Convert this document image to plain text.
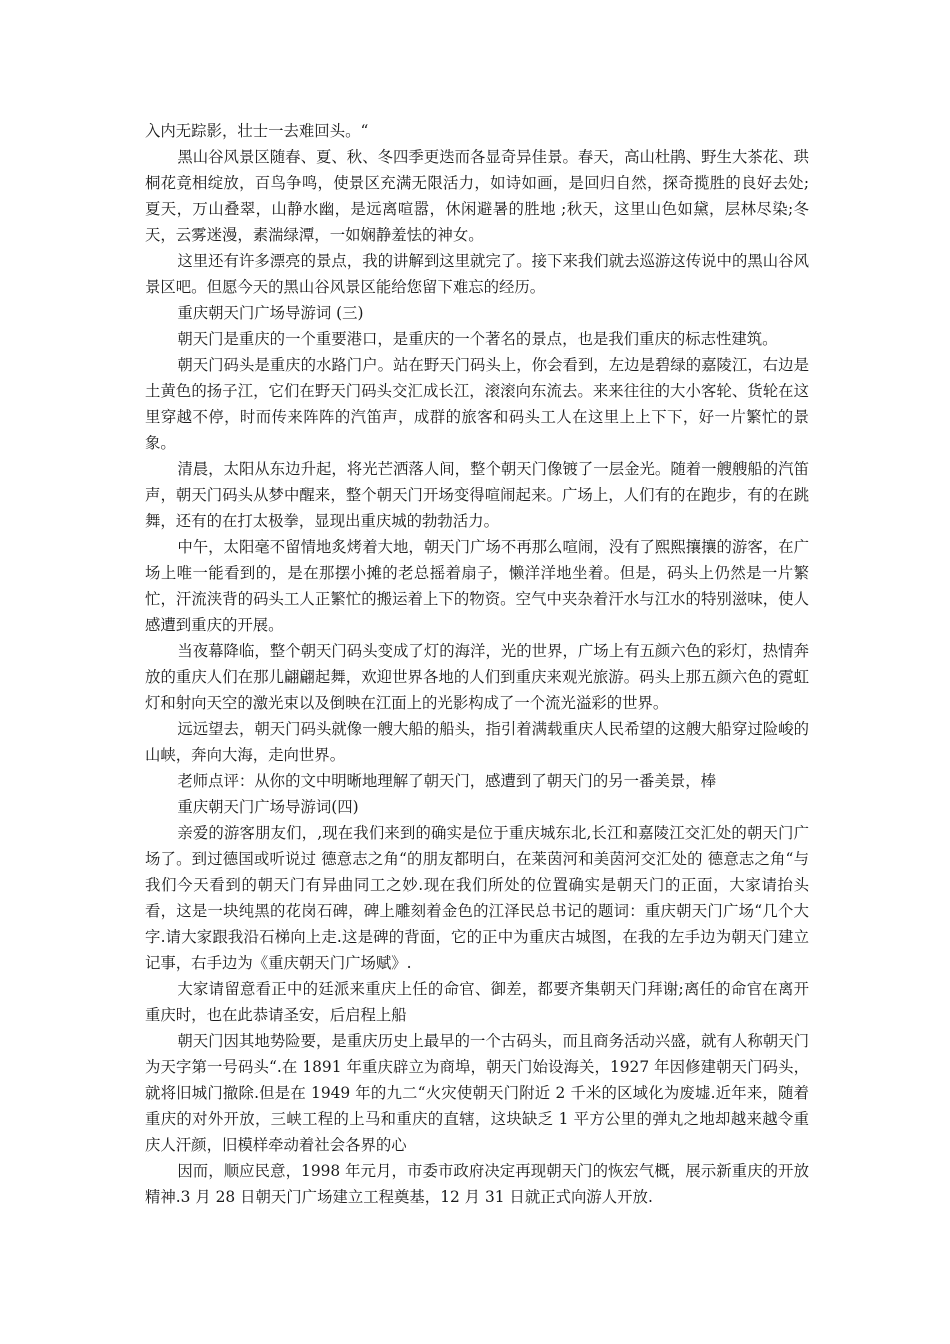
入内无踪影，壮士一去难回头。“

黑山谷风景区随春、夏、秋、冬四季更迭而各显奇异佳景。春天，高山杜鹃、野生大茶花、珙桐花竟相绽放，百鸟争鸣，使景区充满无限活力，如诗如画，是回归自然，探奇揽胜的良好去处;夏天，万山叠翠，山静水幽，是远离喧嚣，休闲避暑的胜地 ;秋天，这里山色如黛，层林尽染;冬天，云雾迷漫，素湍绿潭，一如娴静羞怯的神女。

这里还有许多漂亮的景点，我的讲解到这里就完了。接下来我们就去巡游这传说中的黑山谷风景区吧。但愿今天的黑山谷风景区能给您留下难忘的经历。

重庆朝天门广场导游词 (三)

朝天门是重庆的一个重要港口，是重庆的一个著名的景点，也是我们重庆的标志性建筑。

朝天门码头是重庆的水路门户。站在野天门码头上，你会看到，左边是碧绿的嘉陵江，右边是土黄色的扬子江，它们在野天门码头交汇成长江，滚滚向东流去。来来往往的大小客轮、货轮在这里穿越不停，时而传来阵阵的汽笛声，成群的旅客和码头工人在这里上上下下，好一片繁忙的景象。

清晨，太阳从东边升起，将光芒洒落人间，整个朝天门像镀了一层金光。随着一艘艘船的汽笛声，朝天门码头从梦中醒来，整个朝天门开场变得喧闹起来。广场上，人们有的在跑步，有的在跳舞，还有的在打太极拳，显现出重庆城的勃勃活力。

中午，太阳毫不留情地炙烤着大地，朝天门广场不再那么喧闹，没有了熙熙攘攘的游客，在广场上唯一能看到的，是在那摆小摊的老总摇着扇子，懒洋洋地坐着。但是，码头上仍然是一片繁忙，汗流浃背的码头工人正繁忙的搬运着上下的物资。空气中夹杂着汗水与江水的特别滋味，使人感遭到重庆的开展。

当夜幕降临，整个朝天门码头变成了灯的海洋，光的世界，广场上有五颜六色的彩灯，热情奔放的重庆人们在那儿翩翩起舞，欢迎世界各地的人们到重庆来观光旅游。码头上那五颜六色的霓虹灯和射向天空的激光束以及倒映在江面上的光影构成了一个流光溢彩的世界。

远远望去，朝天门码头就像一艘大船的船头，指引着满载重庆人民希望的这艘大船穿过险峻的山峡，奔向大海，走向世界。

老师点评：从你的文中明晰地理解了朝天门，感遭到了朝天门的另一番美景，棒

重庆朝天门广场导游词(四)

亲爱的游客朋友们，,现在我们来到的确实是位于重庆城东北,长江和嘉陵江交汇处的朝天门广场了。到过德国或听说过 德意志之角“的朋友都明白，在莱茵河和美茵河交汇处的 德意志之角“与我们今天看到的朝天门有异曲同工之妙.现在我们所处的位置确实是朝天门的正面，大家请抬头看，这是一块纯黑的花岗石碑，碑上雕刻着金色的江泽民总书记的题词：重庆朝天门广场“几个大字.请大家跟我沿石梯向上走.这是碑的背面，它的正中为重庆古城图，在我的左手边为朝天门建立记事，右手边为《重庆朝天门广场赋》.

大家请留意看正中的廷派来重庆上任的命官、御差，都要齐集朝天门拜谢;离任的命官在离开重庆时，也在此恭请圣安，后启程上船

朝天门因其地势险要，是重庆历史上最早的一个古码头，而且商务活动兴盛，就有人称朝天门为天字第一号码头“.在 1891 年重庆辟立为商埠，朝天门始设海关，1927 年因修建朝天门码头，就将旧城门撤除.但是在 1949 年的九二“火灾使朝天门附近 2 千米的区域化为废墟.近年来，随着重庆的对外开放，三峡工程的上马和重庆的直辖，这块缺乏 1 平方公里的弹丸之地却越来越令重庆人汗颜，旧模样牵动着社会各界的心

因而，顺应民意，1998 年元月，市委市政府决定再现朝天门的恢宏气概，展示新重庆的开放精神.3 月 28 日朝天门广场建立工程奠基，12 月 31 日就正式向游人开放.
